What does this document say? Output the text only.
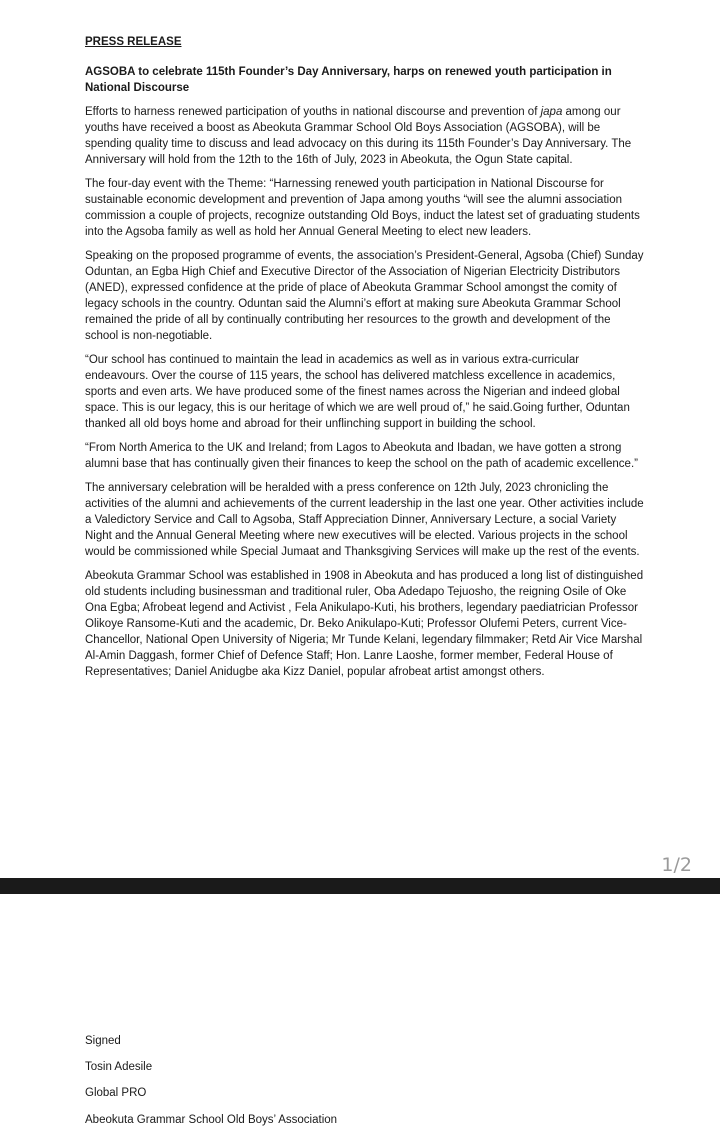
PRESS RELEASE
AGSOBA to celebrate 115th Founder’s Day Anniversary, harps on renewed youth participation in National Discourse

Efforts to harness renewed participation of youths in national discourse and prevention of japa among our youths have received a boost as Abeokuta Grammar School Old Boys Association (AGSOBA), will be spending quality time to discuss and lead advocacy on this during its 115th Founder’s Day Anniversary. The Anniversary will hold from the 12th to the 16th of July, 2023 in Abeokuta, the Ogun State capital.

The four-day event with the Theme: “Harnessing renewed youth participation in National Discourse for sustainable economic development and prevention of Japa among youths “will see the alumni association commission a couple of projects, recognize outstanding Old Boys, induct the latest set of graduating students into the Agsoba family as well as hold her Annual General Meeting to elect new leaders.

Speaking on the proposed programme of events, the association’s President-General, Agsoba (Chief) Sunday Oduntan, an Egba High Chief and Executive Director of the Association of Nigerian Electricity Distributors (ANED), expressed confidence at the pride of place of Abeokuta Grammar School amongst the comity of legacy schools in the country. Oduntan said the Alumni’s effort at making sure Abeokuta Grammar School remained the pride of all by continually contributing her resources to the growth and development of the school is non-negotiable.

“Our school has continued to maintain the lead in academics as well as in various extra-curricular endeavours. Over the course of 115 years, the school has delivered matchless excellence in academics, sports and even arts. We have produced some of the finest names across the Nigerian and indeed global space. This is our legacy, this is our heritage of which we are well proud of,” he said.Going further, Oduntan thanked all old boys home and abroad for their unflinching support in building the school.

“From North America to the UK and Ireland; from Lagos to Abeokuta and Ibadan, we have gotten a strong alumni base that has continually given their finances to keep the school on the path of academic excellence.”

The anniversary celebration will be heralded with a press conference on 12th July, 2023 chronicling the activities of the alumni and achievements of the current leadership in the last one year. Other activities include a Valedictory Service and Call to Agsoba, Staff Appreciation Dinner, Anniversary Lecture, a social Variety Night and the Annual General Meeting where new executives will be elected. Various projects in the school would be commissioned while Special Jumaat and Thanksgiving Services will make up the rest of the events.

Abeokuta Grammar School was established in 1908 in Abeokuta and has produced a long list of distinguished old students including businessman and traditional ruler, Oba Adedapo Tejuosho, the reigning Osile of Oke Ona Egba; Afrobeat legend and Activist , Fela Anikulapo-Kuti, his brothers, legendary paediatrician Professor Olikoye Ransome-Kuti and the academic, Dr. Beko Anikulapo-Kuti; Professor Olufemi Peters, current Vice-Chancellor, National Open University of Nigeria; Mr Tunde Kelani, legendary filmmaker; Retd Air Vice Marshal Al-Amin Daggash, former Chief of Defence Staff; Hon. Lanre Laoshe, former member, Federal House of Representatives; Daniel Anidugbe aka Kizz Daniel, popular afrobeat artist amongst others.

1/2

Signed

Tosin Adesile

Global PRO

Abeokuta Grammar School Old Boys’ Association
